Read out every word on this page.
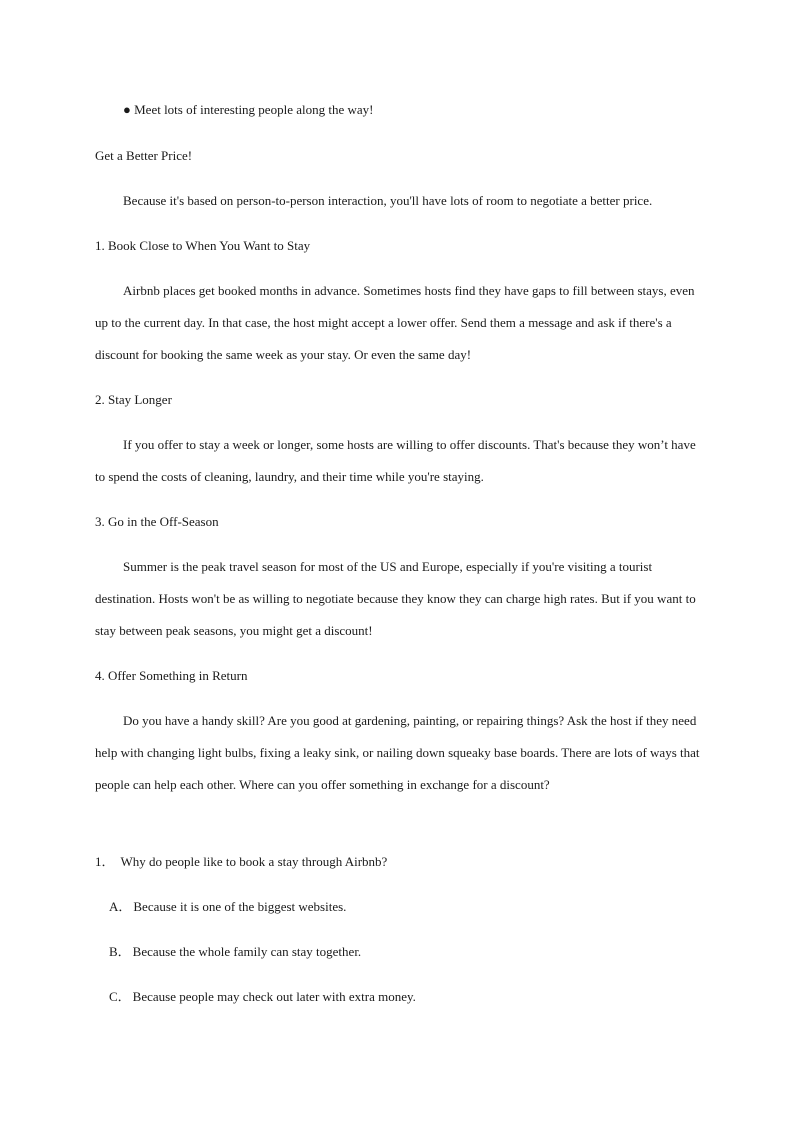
● Meet lots of interesting people along the way!
Get a Better Price!
Because it's based on person-to-person interaction, you'll have lots of room to negotiate a better price.
1. Book Close to When You Want to Stay

Airbnb places get booked months in advance. Sometimes hosts find they have gaps to fill between stays, even up to the current day. In that case, the host might accept a lower offer. Send them a message and ask if there's a discount for booking the same week as your stay. Or even the same day!

2. Stay Longer

If you offer to stay a week or longer, some hosts are willing to offer discounts. That's because they won’t have to spend the costs of cleaning, laundry, and their time while you're staying.

3. Go in the Off-Season

Summer is the peak travel season for most of the US and Europe, especially if you're visiting a tourist destination. Hosts won't be as willing to negotiate because they know they can charge high rates. But if you want to stay between peak seasons, you might get a discount!

4. Offer Something in Return

Do you have a handy skill? Are you good at gardening, painting, or repairing things? Ask the host if they need help with changing light bulbs, fixing a leaky sink, or nailing down squeaky base boards. There are lots of ways that people can help each other. Where can you offer something in exchange for a discount?

1． Why do people like to book a stay through Airbnb?
A． Because it is one of the biggest websites.
B． Because the whole family can stay together.
C． Because people may check out later with extra money.
